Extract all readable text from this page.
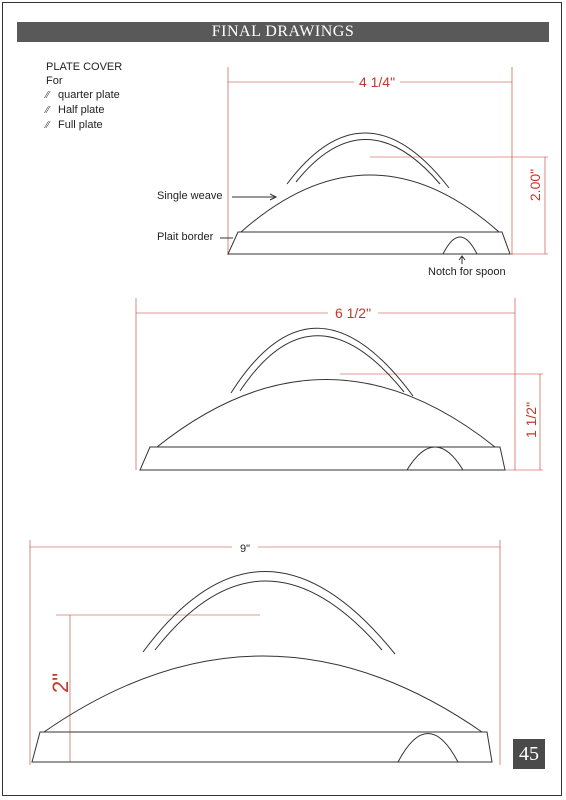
FINAL DRAWINGS
PLATE COVER
For
⁄⁄ quarter plate
⁄⁄ Half plate
⁄⁄ Full plate
4 1/4"
2.00"
6 1/2"
1 1/2"
9"
2"
Single weave
Plait border
Notch for spoon
45
